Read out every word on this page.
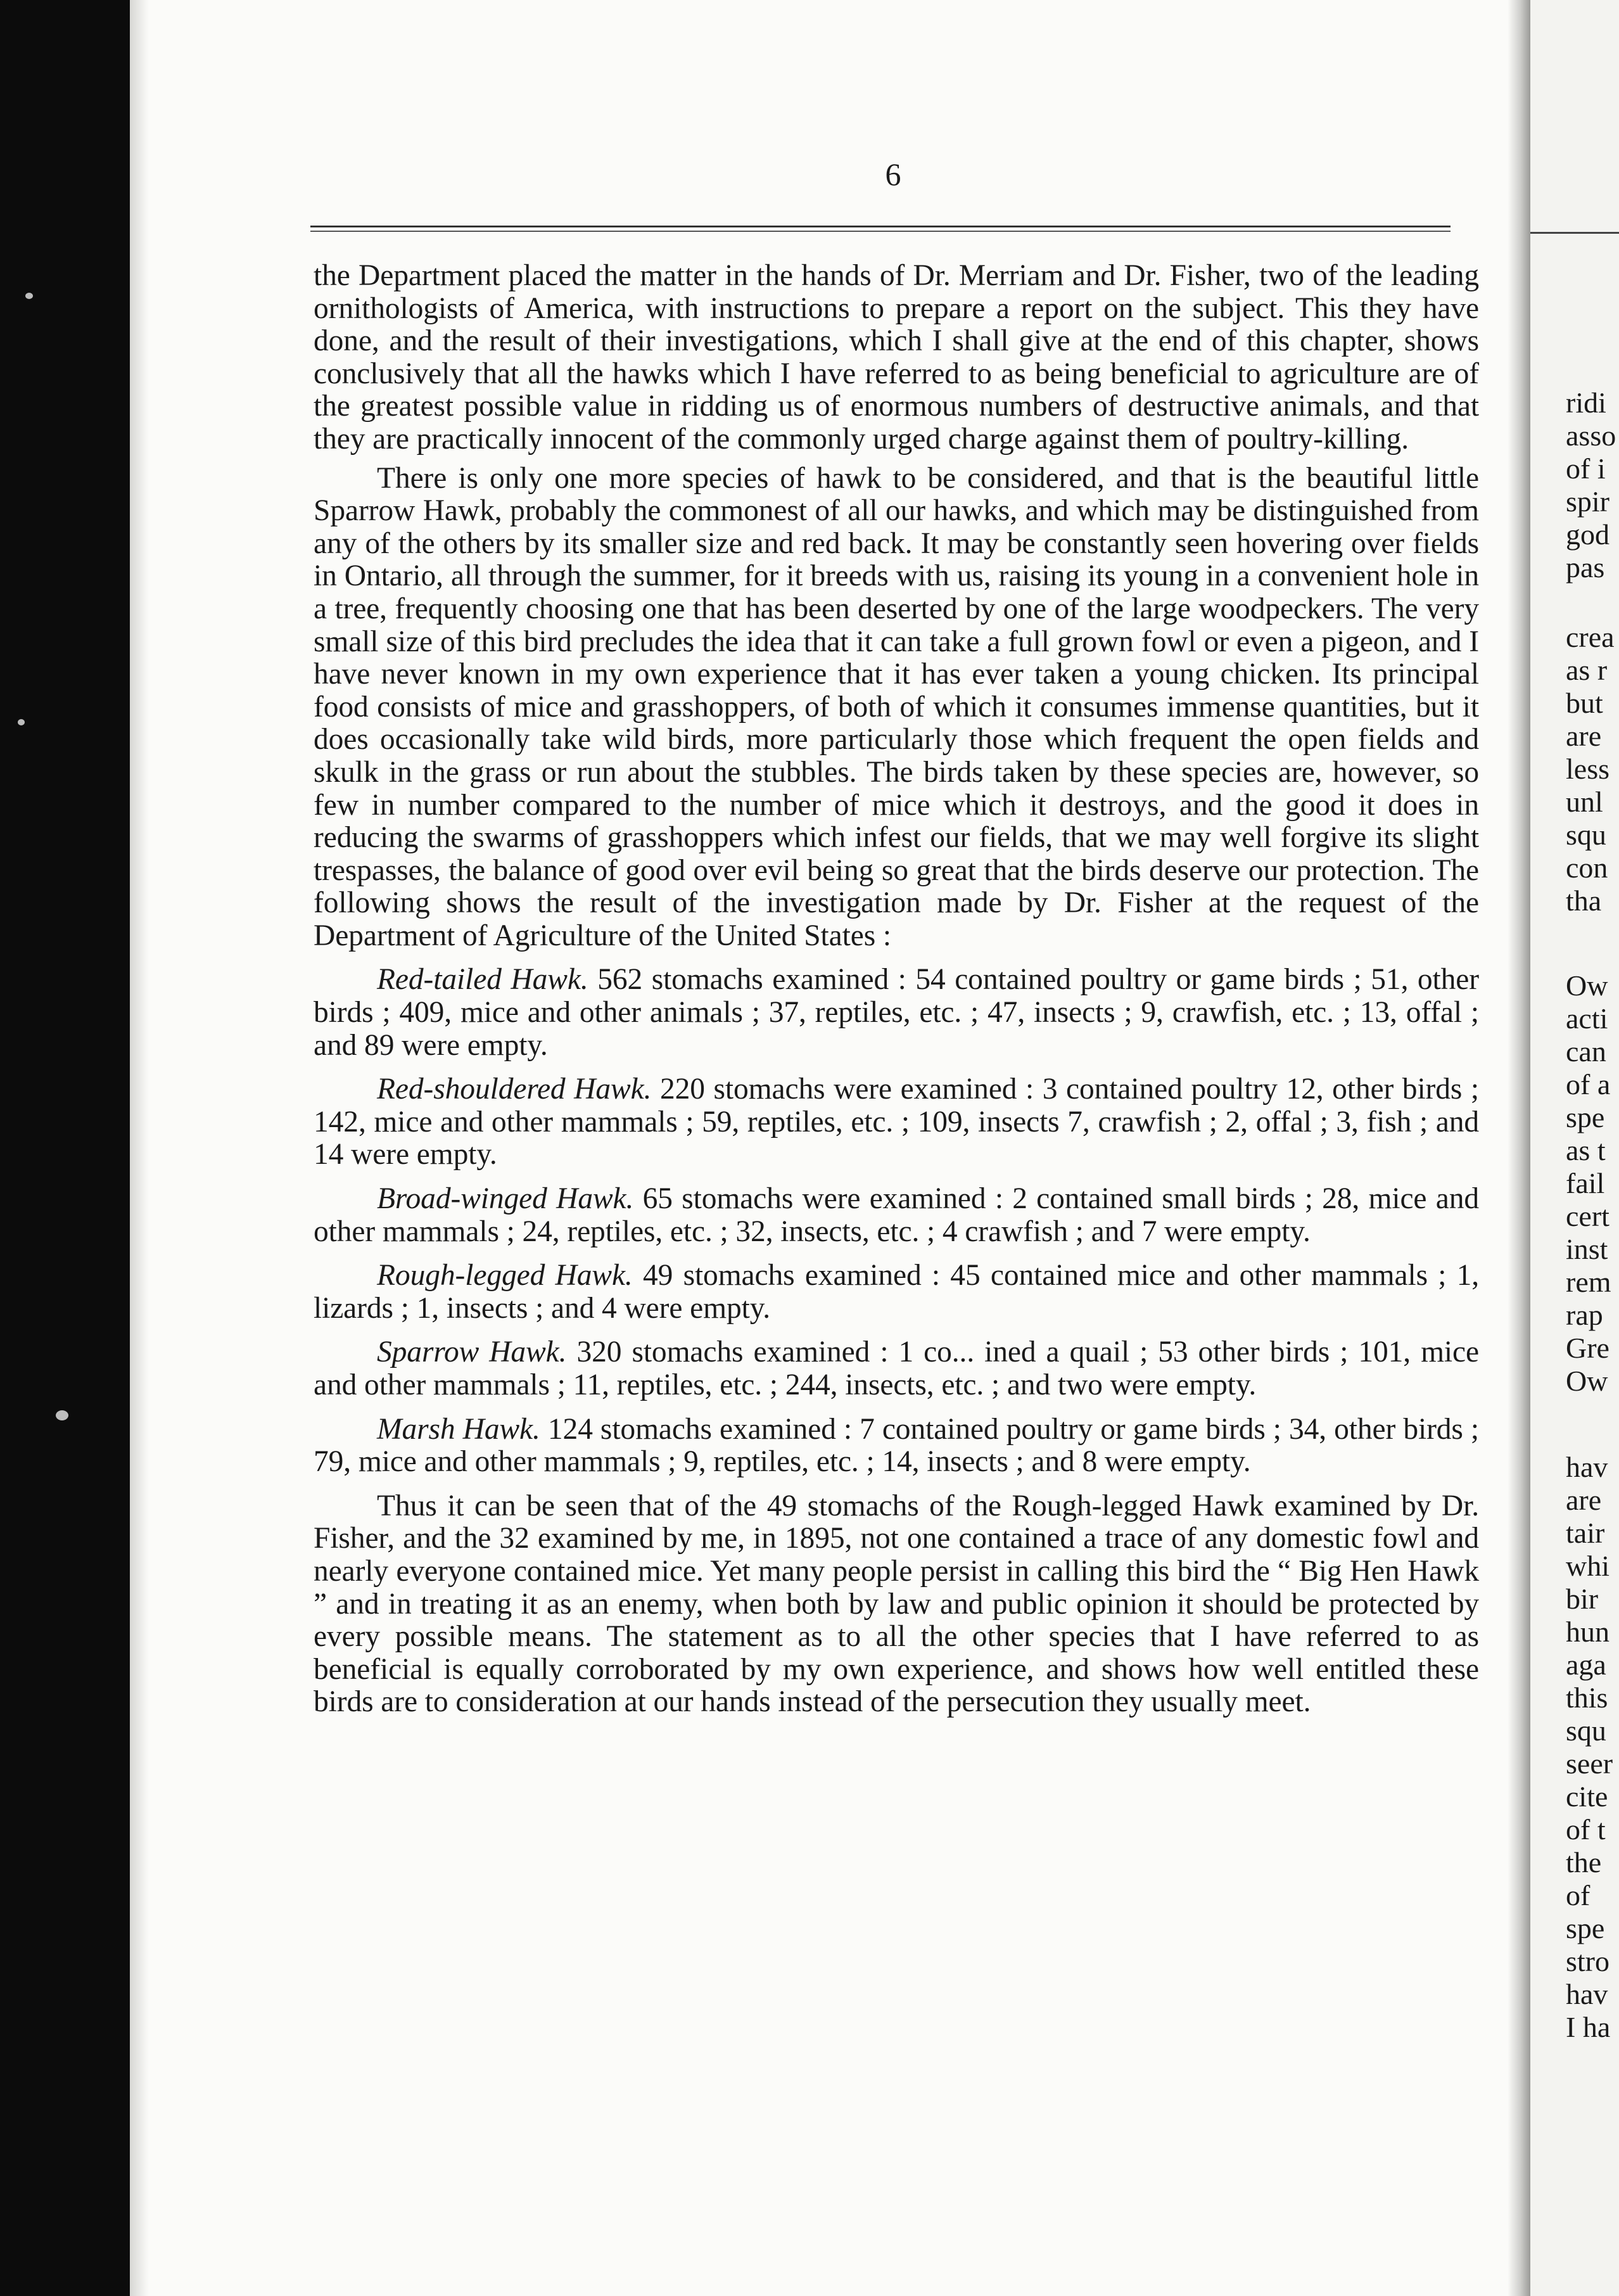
6

the Department placed the matter in the hands of Dr. Merriam and Dr. Fisher, two of the leading ornithologists of America, with instructions to prepare a report on the subject. This they have done, and the result of their investigations, which I shall give at the end of this chapter, shows conclusively that all the hawks which I have referred to as being beneficial to agriculture are of the greatest possible value in ridding us of enormous numbers of destructive animals, and that they are practically innocent of the commonly urged charge against them of poultry-killing.

There is only one more species of hawk to be considered, and that is the beautiful little Sparrow Hawk, probably the commonest of all our hawks, and which may be distinguished from any of the others by its smaller size and red back. It may be constantly seen hovering over fields in Ontario, all through the summer, for it breeds with us, raising its young in a convenient hole in a tree, frequently choosing one that has been deserted by one of the large woodpeckers. The very small size of this bird precludes the idea that it can take a full grown fowl or even a pigeon, and I have never known in my own experience that it has ever taken a young chicken. Its principal food consists of mice and grasshoppers, of both of which it consumes immense quantities, but it does occasionally take wild birds, more particularly those which frequent the open fields and skulk in the grass or run about the stubbles. The birds taken by these species are, however, so few in number compared to the number of mice which it destroys, and the good it does in reducing the swarms of grasshoppers which infest our fields, that we may well forgive its slight trespasses, the balance of good over evil being so great that the birds deserve our protection. The following shows the result of the investigation made by Dr. Fisher at the request of the Department of Agriculture of the United States :

Red-tailed Hawk. 562 stomachs examined : 54 contained poultry or game birds ; 51, other birds ; 409, mice and other animals ; 37, reptiles, etc. ; 47, insects ; 9, crawfish, etc. ; 13, offal ; and 89 were empty.

Red-shouldered Hawk. 220 stomachs were examined : 3 contained poultry 12, other birds ; 142, mice and other mammals ; 59, reptiles, etc. ; 109, insects 7, crawfish ; 2, offal ; 3, fish ; and 14 were empty.

Broad-winged Hawk. 65 stomachs were examined : 2 contained small birds ; 28, mice and other mammals ; 24, reptiles, etc. ; 32, insects, etc. ; 4 crawfish ; and 7 were empty.

Rough-legged Hawk. 49 stomachs examined : 45 contained mice and other mammals ; 1, lizards ; 1, insects ; and 4 were empty.

Sparrow Hawk. 320 stomachs examined : 1 co... ined a quail ; 53 other birds ; 101, mice and other mammals ; 11, reptiles, etc. ; 244, insects, etc. ; and two were empty.

Marsh Hawk. 124 stomachs examined : 7 contained poultry or game birds ; 34, other birds ; 79, mice and other mammals ; 9, reptiles, etc. ; 14, insects ; and 8 were empty.

Thus it can be seen that of the 49 stomachs of the Rough-legged Hawk examined by Dr. Fisher, and the 32 examined by me, in 1895, not one contained a trace of any domestic fowl and nearly everyone contained mice. Yet many people persist in calling this bird the “ Big Hen Hawk ” and in treating it as an enemy, when both by law and public opinion it should be protected by every possible means. The statement as to all the other species that I have referred to as beneficial is equally corroborated by my own experience, and shows how well entitled these birds are to consideration at our hands instead of the persecution they usually meet.

ridi
asso
of i
spir
god
pas
crea
as r
but
are
less
unl
squ
con
tha
Ow
acti
can
of a
spe
as t
fail
cert
inst
rem
rap
Gre
Ow
hav
are
tair
whi
bir
hun
aga
this
squ
seer
cite
of t
the
of
spe
stro
hav
I ha
